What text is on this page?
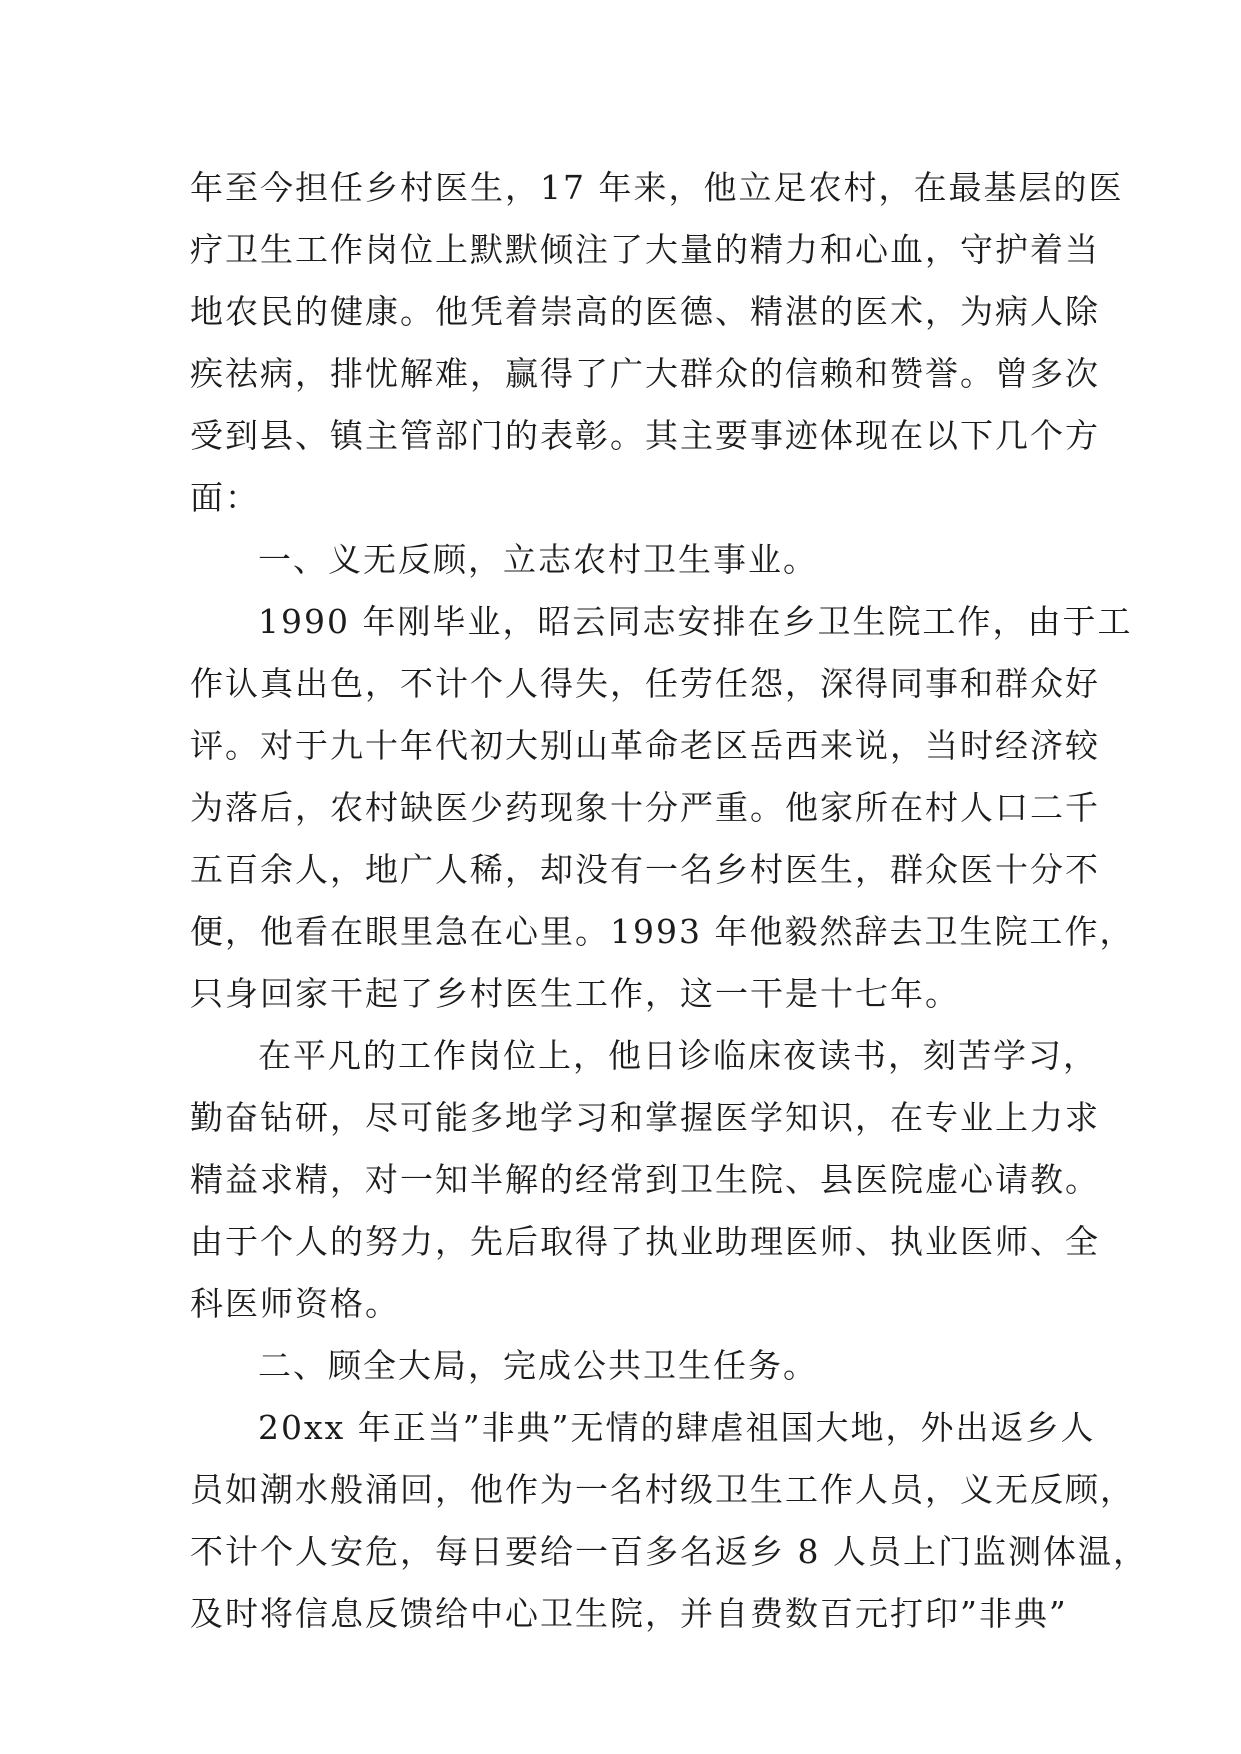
年至今担任乡村医生，17 年来，他立足农村，在最基层的医
疗卫生工作岗位上默默倾注了大量的精力和心血，守护着当
地农民的健康。他凭着崇高的医德、精湛的医术，为病人除
疾祛病，排忧解难，赢得了广大群众的信赖和赞誉。曾多次
受到县、镇主管部门的表彰。其主要事迹体现在以下几个方
面：
一、义无反顾，立志农村卫生事业。
1990 年刚毕业，昭云同志安排在乡卫生院工作，由于工
作认真出色，不计个人得失，任劳任怨，深得同事和群众好
评。对于九十年代初大别山革命老区岳西来说，当时经济较
为落后，农村缺医少药现象十分严重。他家所在村人口二千
五百余人，地广人稀，却没有一名乡村医生，群众医十分不
便，他看在眼里急在心里。1993 年他毅然辞去卫生院工作，
只身回家干起了乡村医生工作，这一干是十七年。
在平凡的工作岗位上，他日诊临床夜读书，刻苦学习，
勤奋钻研，尽可能多地学习和掌握医学知识，在专业上力求
精益求精，对一知半解的经常到卫生院、县医院虚心请教。
由于个人的努力，先后取得了执业助理医师、执业医师、全
科医师资格。
二、顾全大局，完成公共卫生任务。
20xx 年正当”非典”无情的肆虐祖国大地，外出返乡人
员如潮水般涌回，他作为一名村级卫生工作人员，义无反顾，
不计个人安危，每日要给一百多名返乡 8 人员上门监测体温，
及时将信息反馈给中心卫生院，并自费数百元打印”非典”
